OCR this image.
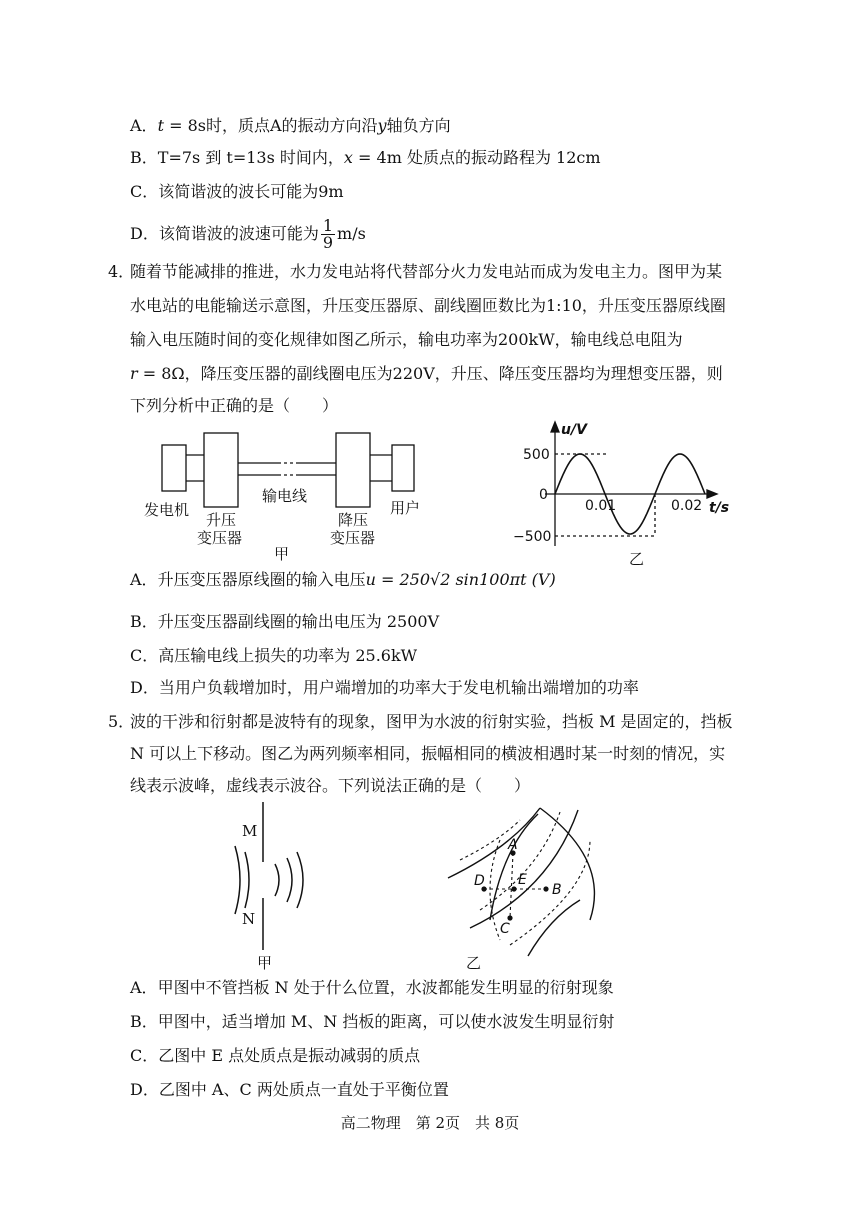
A．t = 8s时，质点A的振动方向沿y轴负方向
B．T=7s 到 t=13s 时间内，x = 4m 处质点的振动路程为 12cm
C．该简谐波的波长可能为9m
D．该简谐波的波速可能为 $\frac{1}{9} m/s$
4．
随着节能减排的推进，水力发电站将代替部分火力发电站而成为发电主力。图甲为某
水电站的电能输送示意图，升压变压器原、副线圈匝数比为1:10，升压变压器原线圈
输入电压随时间的变化规律如图乙所示，输电功率为200kW，输电线总电阻为
r = 8Ω，降压变压器的副线圈电压为220V，升压、降压变压器均为理想变压器，则
下列分析中正确的是（　　）
发电机
升压
变压器
输电线
降压
变压器
用户
甲
u/V
t/s
0
500
−500
0.01	0.02
乙
A．升压变压器原线圈的输入电压u = 250√2 sin100πt (V)
B．升压变压器副线圈的输出电压为 2500V
C．高压输电线上损失的功率为 25.6kW
D．当用户负载增加时，用户端增加的功率大于发电机输出端增加的功率
5．
波的干涉和衍射都是波特有的现象，图甲为水波的衍射实验，挡板 M 是固定的，挡板
N 可以上下移动。图乙为两列频率相同，振幅相同的横波相遇时某一时刻的情况，实
线表示波峰，虚线表示波谷。下列说法正确的是（　　）
M
N
甲
A
B
C
D E
乙
A．甲图中不管挡板 N 处于什么位置，水波都能发生明显的衍射现象
B．甲图中，适当增加 M、N 挡板的距离，可以使水波发生明显衍射
C．乙图中 E 点处质点是振动减弱的质点
D．乙图中 A、C 两处质点一直处于平衡位置
高二物理　第 2页　共 8页
